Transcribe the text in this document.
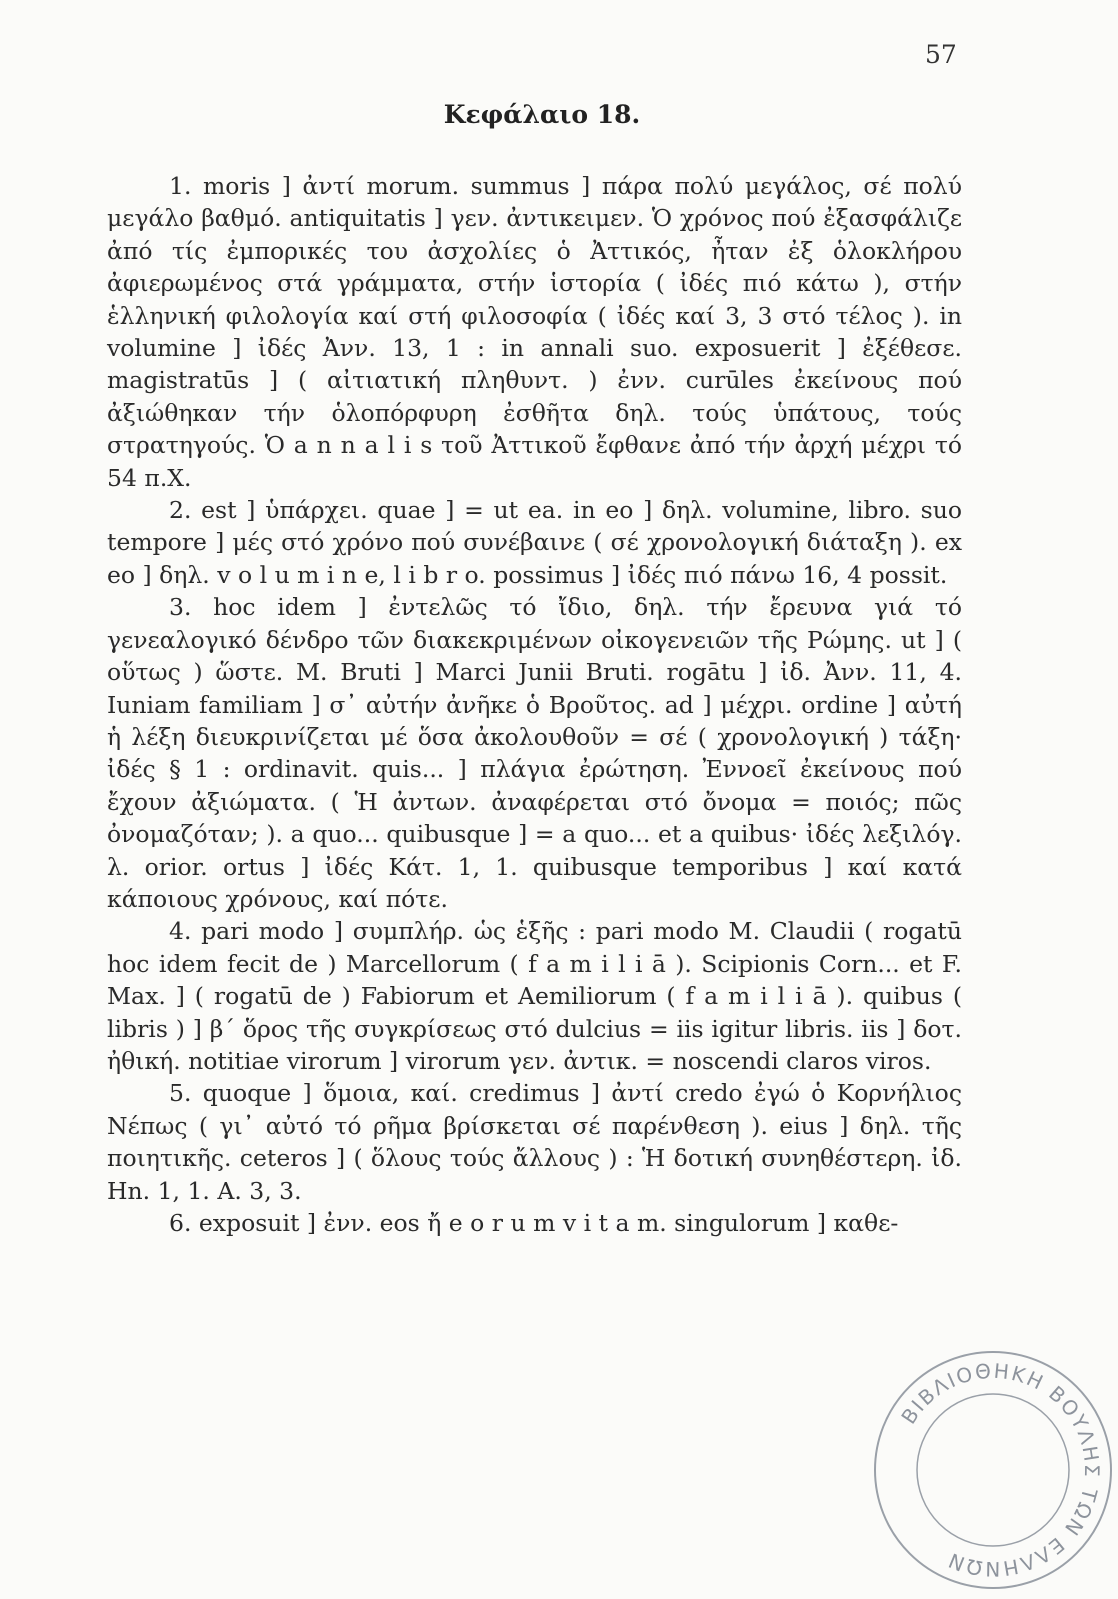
57
Κεφάλαιο 18.

1. moris ] ἀντί morum. summus ] πάρα πολύ μεγάλος, σέ πολύ μεγάλο βαθμό. antiquitatis ] γεν. ἀντικειμεν. Ὁ χρόνος πού ἐξασφάλιζε ἀπό τίς ἐμπορικές του ἀσχολίες ὁ Ἀττικός, ἦταν ἐξ ὁλοκλήρου ἀφιερωμένος στά γράμματα, στήν ἱστορία ( ἰδές πιό κάτω ), στήν ἑλληνική φιλολογία καί στή φιλοσοφία ( ἰδές καί 3, 3 στό τέλος ). in volumine ] ἰδές Ἀνν. 13, 1 : in annali suo. exposuerit ] ἐξέθεσε. magistratūs ] ( αἰτιατική πληθυντ. ) ἐνν. curūles ἐκείνους πού ἀξιώθηκαν τήν ὁλοπόρφυρη ἐσθῆτα δηλ. τούς ὑπάτους, τούς στρατηγούς. Ὁ a n n a l i s τοῦ Ἀττικοῦ ἔφθανε ἀπό τήν ἀρχή μέχρι τό 54 π.Χ.

2. est ] ὑπάρχει. quae ] = ut ea. in eo ] δηλ. volumine, libro. suo tempore ] μές στό χρόνο πού συνέβαινε ( σέ χρονολογική διάταξη ). ex eo ] δηλ. v o l u m i n e, l i b r o. possimus ] ἰδές πιό πάνω 16, 4 possit.

3. hoc idem ] ἐντελῶς τό ἴδιο, δηλ. τήν ἔρευνα γιά τό γενεαλογικό δένδρο τῶν διακεκριμένων οἰκογενειῶν τῆς Ρώμης. ut ] ( οὕτως ) ὥστε. M. Bruti ] Marci Junii Bruti. rogātu ] ἰδ. Ἀνν. 11, 4. Iuniam familiam ] σ᾽ αὐτήν ἀνῆκε ὁ Βροῦτος. ad ] μέχρι. ordine ] αὐτή ἡ λέξη διευκρινίζεται μέ ὅσα ἀκολουθοῦν = σέ ( χρονολογική ) τάξη· ἰδές § 1 : ordinavit. quis... ] πλάγια ἐρώτηση. Ἐννοεῖ ἐκείνους πού ἔχουν ἀξιώματα. ( Ἡ ἀντων. ἀναφέρεται στό ὄνομα = ποιός; πῶς ὀνομαζόταν; ). a quo... quibusque ] = a quo... et a quibus· ἰδές λεξιλόγ. λ. orior. ortus ] ἰδές Κάτ. 1, 1. quibusque temporibus ] καί κατά κάποιους χρόνους, καί πότε.

4. pari modo ] συμπλήρ. ὡς ἑξῆς : pari modo M. Claudii ( rogatū hoc idem fecit de ) Marcellorum ( f a m i l i ā ). Scipionis Corn... et F. Max. ] ( rogatū de ) Fabiorum et Aemiliorum ( f a m i l i ā ). quibus ( libris ) ] β΄ ὅρος τῆς συγκρίσεως στό dulcius = iis igitur libris. iis ] δοτ. ἠθική. notitiae virorum ] virorum γεν. ἀντικ. = noscendi claros viros.

5. quoque ] ὅμοια, καί. credimus ] ἀντί credo ἐγώ ὁ Κορνήλιος Νέπως ( γι᾽ αὐτό τό ρῆμα βρίσκεται σέ παρένθεση ). eius ] δηλ. τῆς ποιητικῆς. ceteros ] ( ὅλους τούς ἄλλους ) : Ἡ δοτική συνηθέστερη. ἰδ. Hn. 1, 1. A. 3, 3.

6. exposuit ] ἐνν. eos ἤ e o r u m v i t a m. singulorum ] καθε-

ΒΙΒΛΙΟΘΗΚΗ ΒΟΥΛΗΣ ΤΩΝ ΕΛΛΗΝΩΝ
